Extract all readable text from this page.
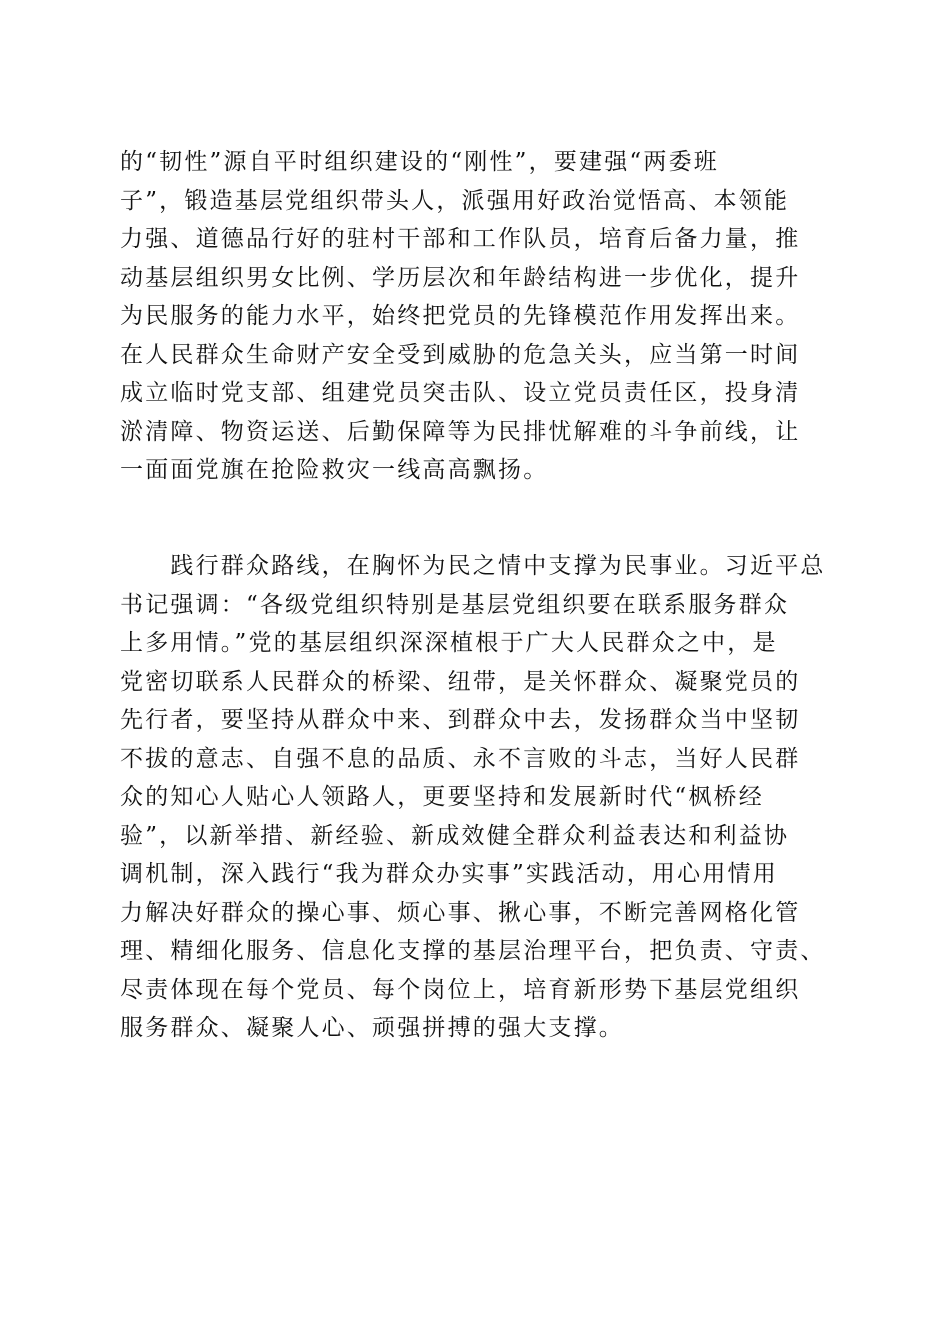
的“韧性”源自平时组织建设的“刚性”，要建强“两委班
子”，锻造基层党组织带头人，派强用好政治觉悟高、本领能
力强、道德品行好的驻村干部和工作队员，培育后备力量，推
动基层组织男女比例、学历层次和年龄结构进一步优化，提升
为民服务的能力水平，始终把党员的先锋模范作用发挥出来。
在人民群众生命财产安全受到威胁的危急关头，应当第一时间
成立临时党支部、组建党员突击队、设立党员责任区，投身清
淤清障、物资运送、后勤保障等为民排忧解难的斗争前线，让
一面面党旗在抢险救灾一线高高飘扬。
　　践行群众路线，在胸怀为民之情中支撑为民事业。习近平总
书记强调：“各级党组织特别是基层党组织要在联系服务群众
上多用情。”党的基层组织深深植根于广大人民群众之中，是
党密切联系人民群众的桥梁、纽带，是关怀群众、凝聚党员的
先行者，要坚持从群众中来、到群众中去，发扬群众当中坚韧
不拔的意志、自强不息的品质、永不言败的斗志，当好人民群
众的知心人贴心人领路人，更要坚持和发展新时代“枫桥经
验”，以新举措、新经验、新成效健全群众利益表达和利益协
调机制，深入践行“我为群众办实事”实践活动，用心用情用
力解决好群众的操心事、烦心事、揪心事，不断完善网格化管
理、精细化服务、信息化支撑的基层治理平台，把负责、守责、
尽责体现在每个党员、每个岗位上，培育新形势下基层党组织
服务群众、凝聚人心、顽强拼搏的强大支撑。
